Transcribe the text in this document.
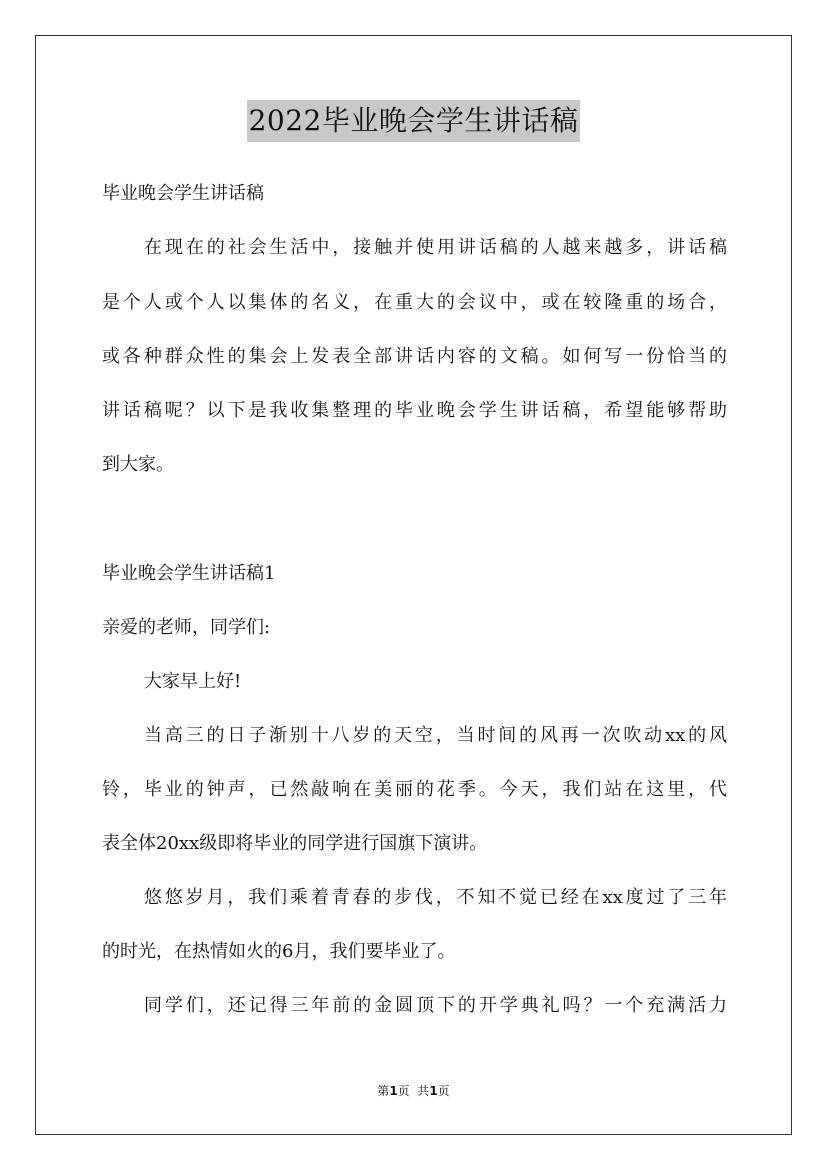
2022毕业晚会学生讲话稿

毕业晚会学生讲话稿

在现在的社会生活中，接触并使用讲话稿的人越来越多，讲话稿

是个人或个人以集体的名义，在重大的会议中，或在较隆重的场合，

或各种群众性的集会上发表全部讲话内容的文稿。如何写一份恰当的

讲话稿呢？以下是我收集整理的毕业晚会学生讲话稿，希望能够帮助

到大家。

毕业晚会学生讲话稿1

亲爱的老师，同学们:

大家早上好!

当高三的日子渐别十八岁的天空，当时间的风再一次吹动xx的风

铃，毕业的钟声，已然敲响在美丽的花季。今天，我们站在这里，代

表全体20xx级即将毕业的同学进行国旗下演讲。

悠悠岁月，我们乘着青春的步伐，不知不觉已经在xx度过了三年

的时光，在热情如火的6月，我们要毕业了。

同学们，还记得三年前的金圆顶下的开学典礼吗？一个充满活力

第1页  共1页
